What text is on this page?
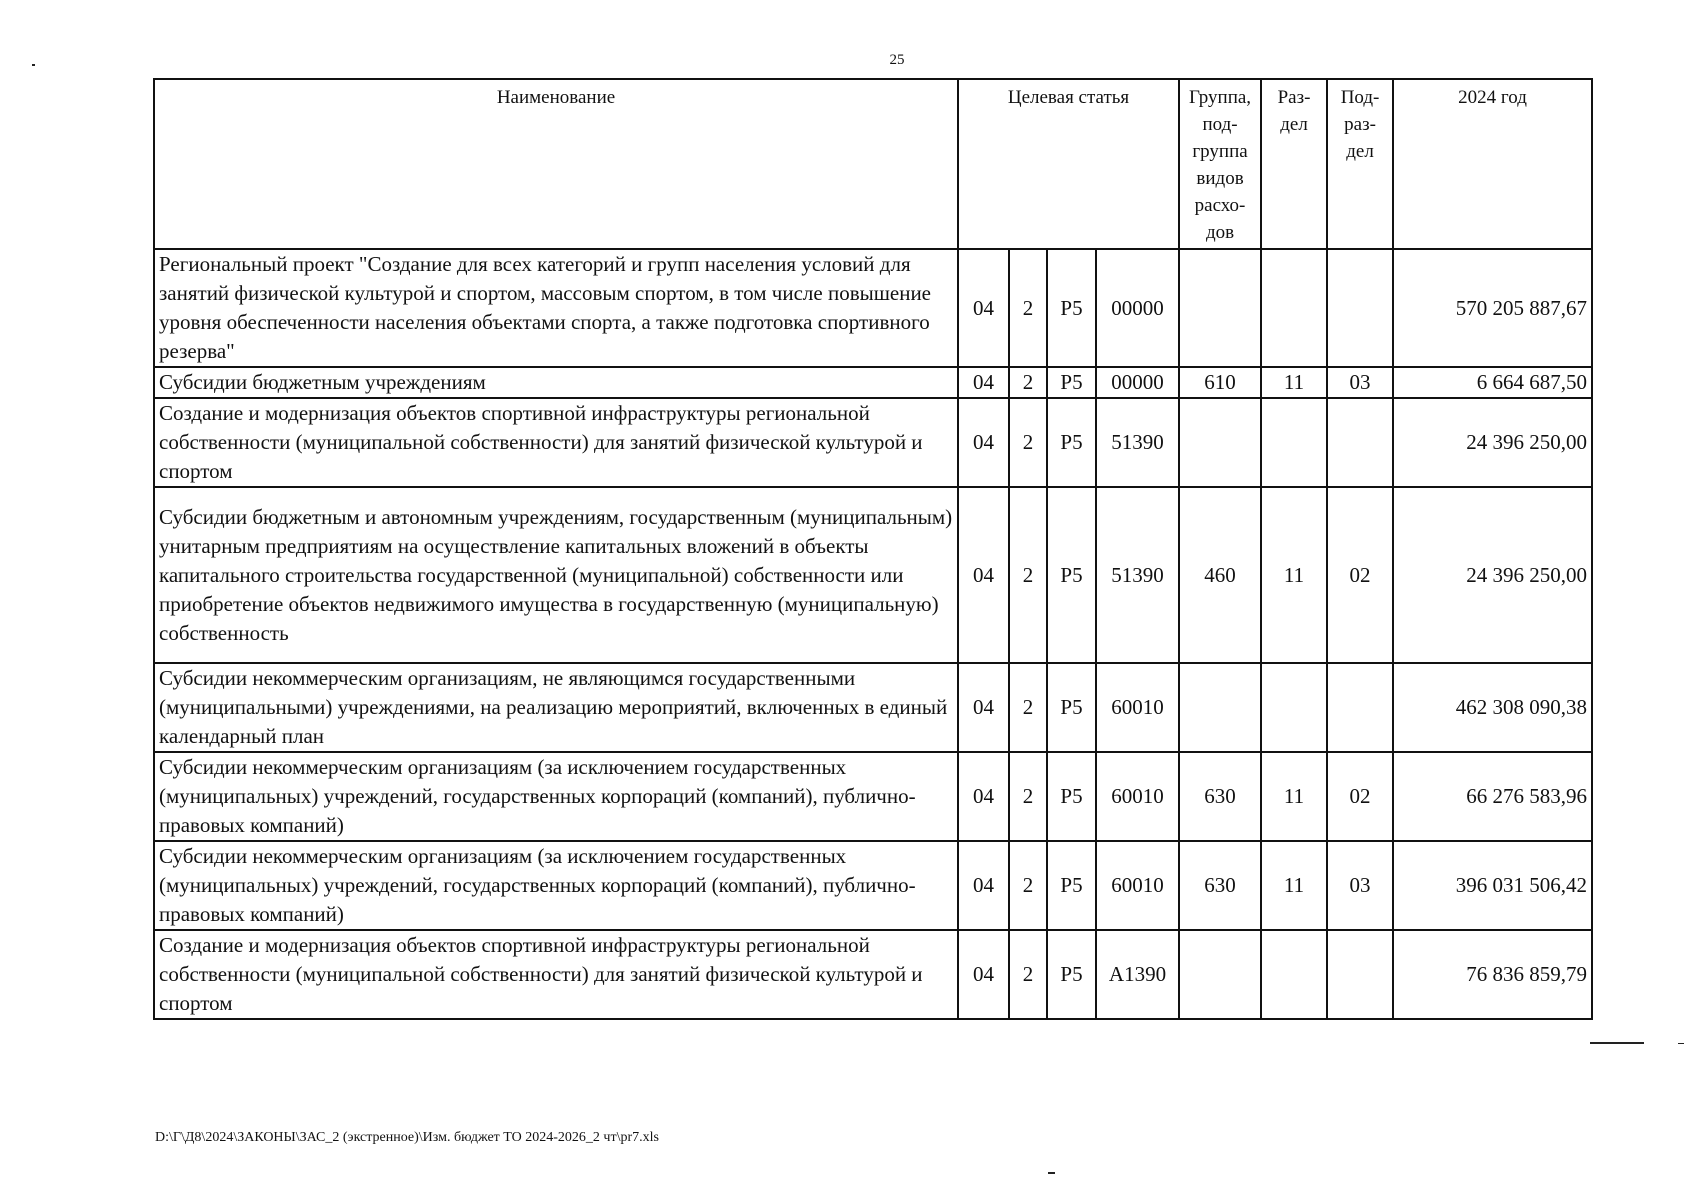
25
Наименование	Целевая статья				Группа, под- группа видов расхо- дов	Раз- дел	Под- раз- дел	2024 год
Региональный проект "Создание для всех категорий и групп населения условий для занятий физической культурой и спортом, массовым спортом, в том числе повышение уровня обеспеченности населения объектами спорта, а также подготовка спортивного резерва"	04	2	P5	00000				570 205 887,67
Субсидии бюджетным учреждениям	04	2	P5	00000	610	11	03	6 664 687,50
Создание и модернизация объектов спортивной инфраструктуры региональной собственности (муниципальной собственности) для занятий физической культурой и спортом	04	2	P5	51390				24 396 250,00
Субсидии бюджетным и автономным учреждениям, государственным (муниципальным) унитарным предприятиям на осуществление капитальных вложений в объекты капитального строительства государственной (муниципальной) собственности или приобретение объектов недвижимого имущества в государственную (муниципальную) собственность	04	2	P5	51390	460	11	02	24 396 250,00
Субсидии некоммерческим организациям, не являющимся государственными (муниципальными) учреждениями, на реализацию мероприятий, включенных в единый календарный план	04	2	P5	60010				462 308 090,38
Субсидии некоммерческим организациям (за исключением государственных (муниципальных) учреждений, государственных корпораций (компаний), публично-правовых компаний)	04	2	P5	60010	630	11	02	66 276 583,96
Субсидии некоммерческим организациям (за исключением государственных (муниципальных) учреждений, государственных корпораций (компаний), публично-правовых компаний)	04	2	P5	60010	630	11	03	396 031 506,42
Создание и модернизация объектов спортивной инфраструктуры региональной собственности (муниципальной собственности) для занятий физической культурой и спортом	04	2	P5	A1390				76 836 859,79
D:\Г\Д8\2024\ЗАКОНЫ\ЗАС_2 (экстренное)\Изм. бюджет ТО 2024-2026_2 чт\pr7.xls
